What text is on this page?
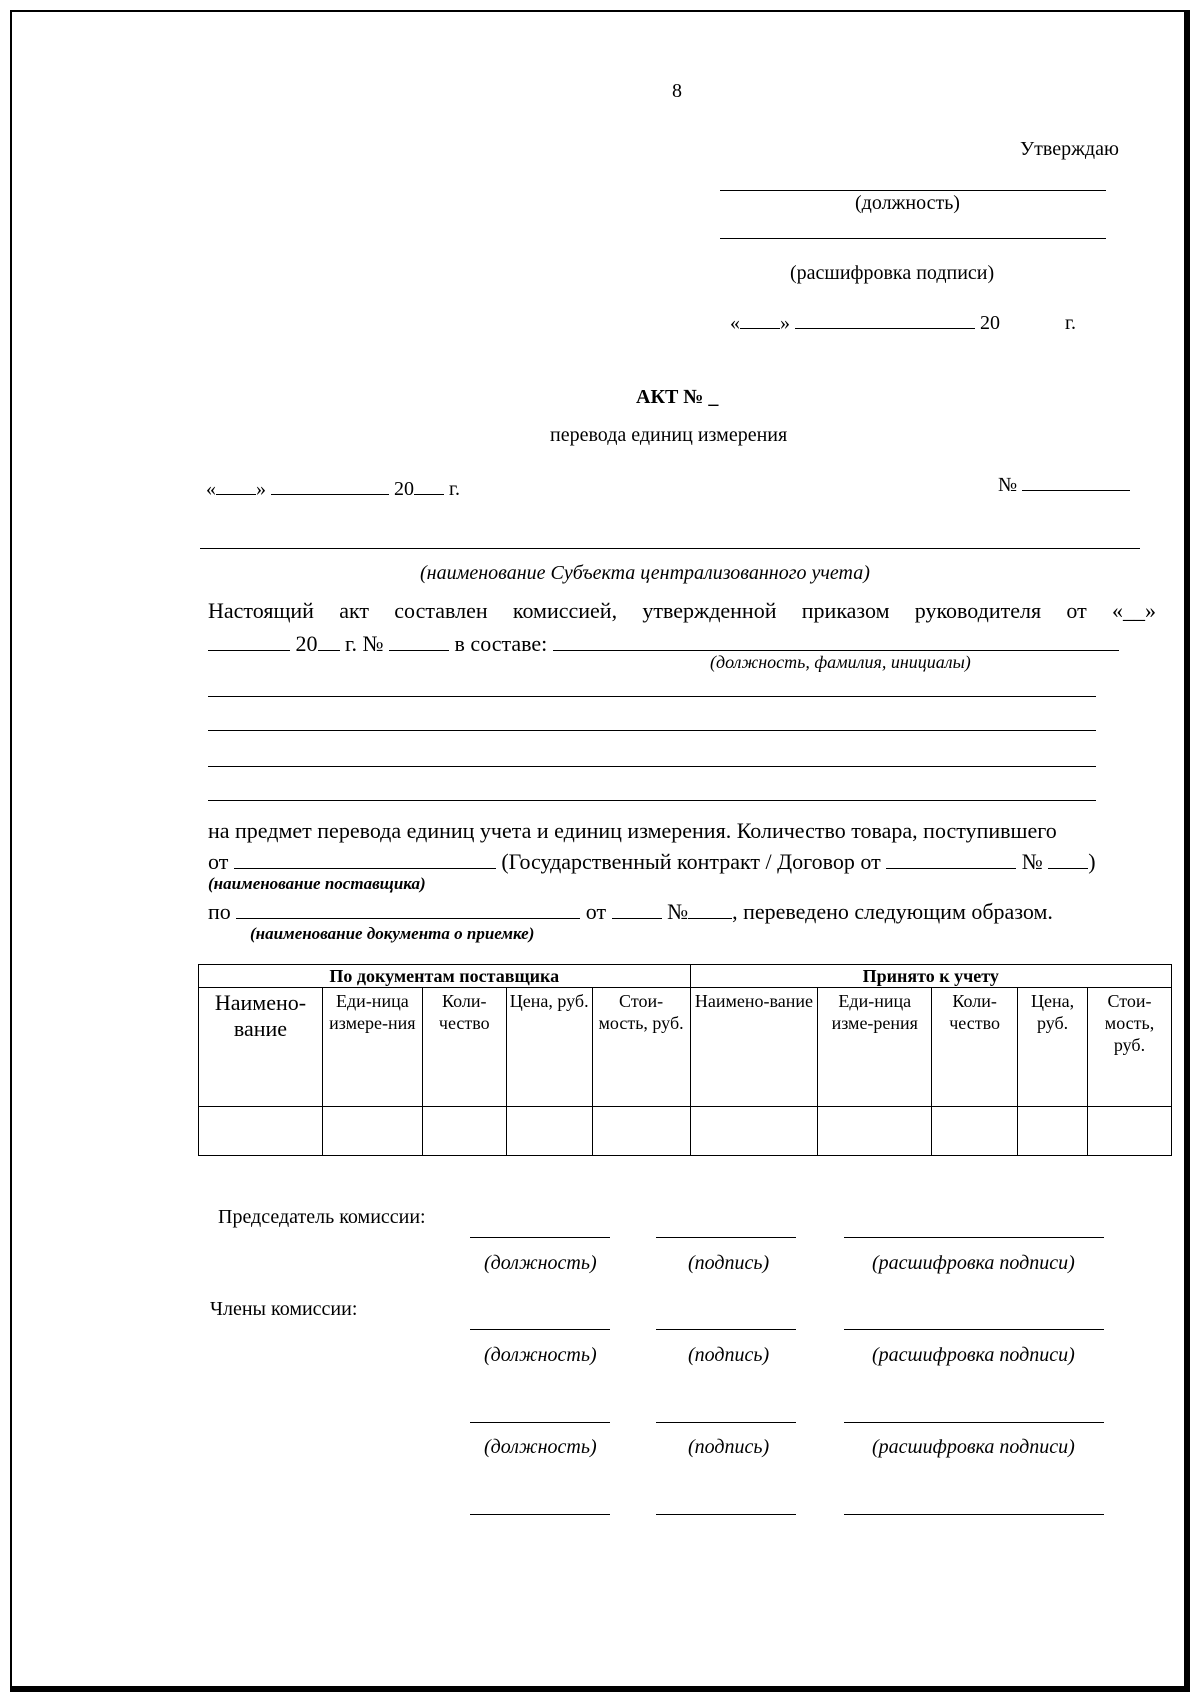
8
Утверждаю
(должность)
(расшифровка подписи)
« »	20	г.
АКТ № _
перевода единиц измерения
« »	20 г.	№
(наименование Субъекта централизованного учета)
Настоящий акт составлен комиссией, утвержденной приказом руководителя от «__»
20 г. №	в составе:
(должность, фамилия, инициалы)
на предмет перевода единиц учета и единиц измерения. Количество товара, поступившего
от	(Государственный контракт / Договор от	№ )
(наименование поставщика)
по	от	№ , переведено следующим образом.
(наименование документа о приемке)
По документам поставщика					Принято к учету				
Наимено-вание	Еди-ница измере-ния	Коли-чество	Цена, руб.	Стои-мость, руб.	Наимено-вание	Еди-ница изме-рения	Коли-чество	Цена, руб.	Стои-мость, руб.

Председатель комиссии:
(должность)	(подпись)	(расшифровка подписи)
Члены комиссии:
(должность)	(подпись)	(расшифровка подписи)
(должность)	(подпись)	(расшифровка подписи)
